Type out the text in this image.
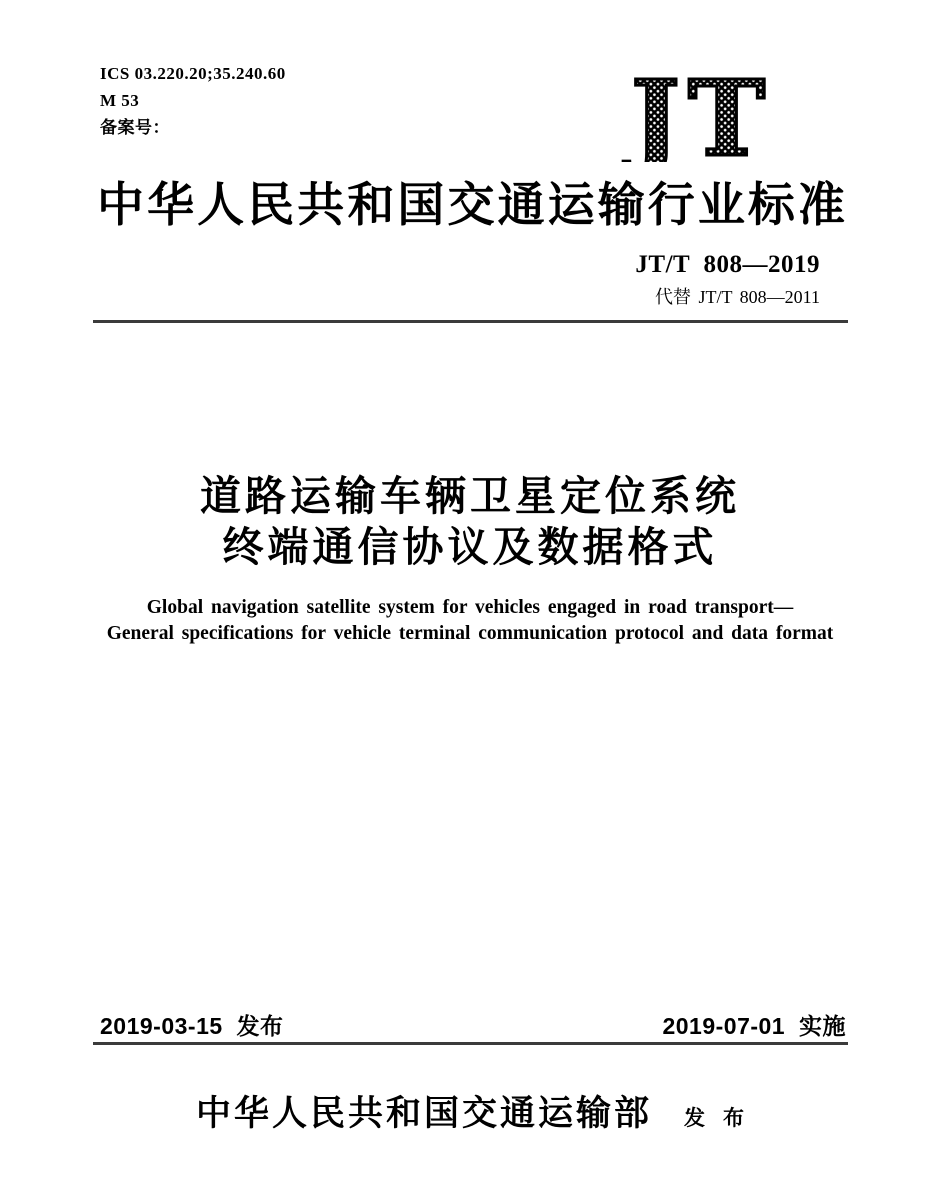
ICS 03.220.20;35.240.60
M 53
备案号：	JT
中华人民共和国交通运输行业标准
JT/T 808—2019
代替 JT/T 808—2011
道路运输车辆卫星定位系统
终端通信协议及数据格式
Global navigation satellite system for vehicles engaged in road transport—
General specifications for vehicle terminal communication protocol and data format
2019-03-15 发布	2019-07-01 实施
中华人民共和国交通运输部 发布
